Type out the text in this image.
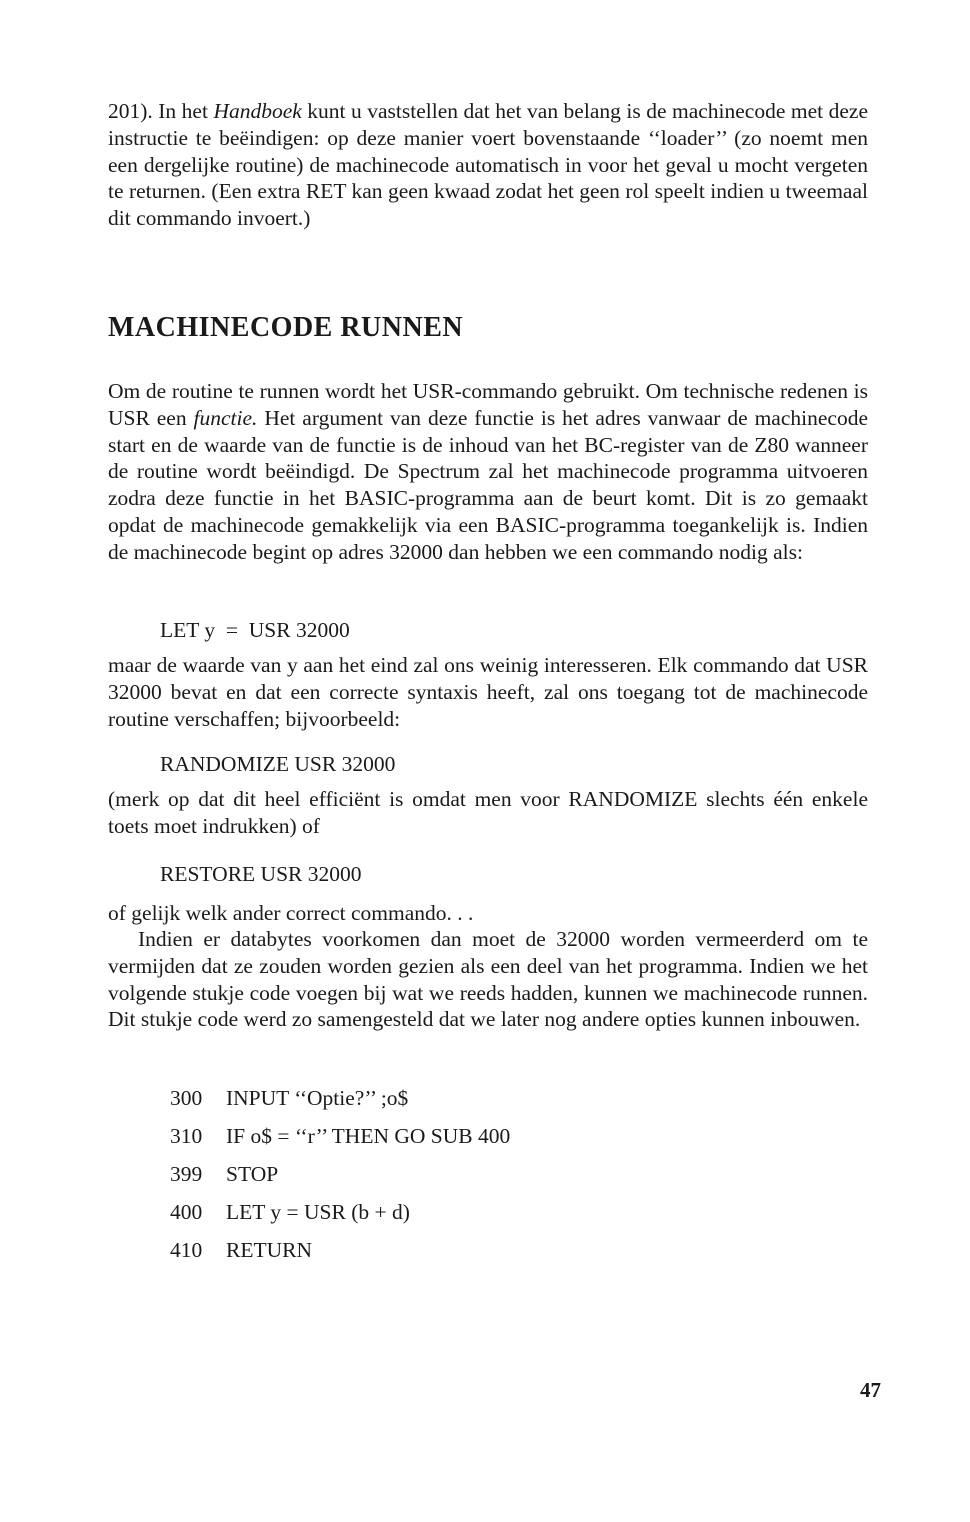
201). In het Handboek kunt u vaststellen dat het van belang is de machinecode met deze instructie te beëindigen: op deze manier voert bovenstaande ‘‘loader’’ (zo noemt men een dergelijke routine) de machinecode automatisch in voor het geval u mocht vergeten te returnen. (Een extra RET kan geen kwaad zodat het geen rol speelt indien u tweemaal dit commando invoert.)

MACHINECODE RUNNEN

Om de routine te runnen wordt het USR-commando gebruikt. Om technische redenen is USR een functie. Het argument van deze functie is het adres vanwaar de machinecode start en de waarde van de functie is de inhoud van het BC-register van de Z80 wanneer de routine wordt beëindigd. De Spectrum zal het machinecode programma uitvoeren zodra deze functie in het BASIC-programma aan de beurt komt. Dit is zo gemaakt opdat de machinecode gemakkelijk via een BASIC-programma toegankelijk is. Indien de machinecode begint op adres 32000 dan hebben we een commando nodig als:

LET y  =  USR 32000

maar de waarde van y aan het eind zal ons weinig interesseren. Elk commando dat USR 32000 bevat en dat een correcte syntaxis heeft, zal ons toegang tot de machinecode routine verschaffen; bijvoorbeeld:

RANDOMIZE USR 32000

(merk op dat dit heel efficiënt is omdat men voor RANDOMIZE slechts één enkele toets moet indrukken) of

RESTORE USR 32000

of gelijk welk ander correct commando. . .

Indien er databytes voorkomen dan moet de 32000 worden vermeerderd om te vermijden dat ze zouden worden gezien als een deel van het programma. Indien we het volgende stukje code voegen bij wat we reeds hadden, kunnen we machinecode runnen. Dit stukje code werd zo samengesteld dat we later nog andere opties kunnen inbouwen.

300 INPUT ‘‘Optie?’’ ;o$
310 IF o$ = ‘‘r’’ THEN GO SUB 400
399 STOP
400 LET y = USR (b + d)
410 RETURN
47
